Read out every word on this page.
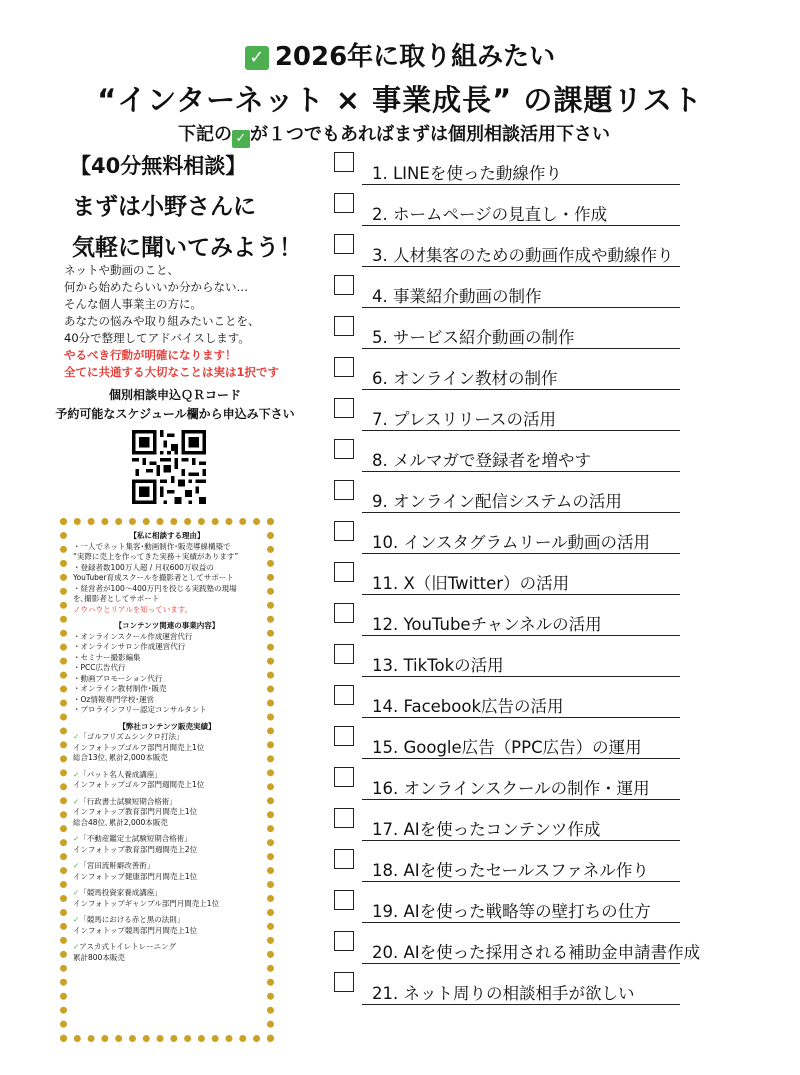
✓ 2026年に取り組みたい
“インターネット × 事業成長” の課題リスト
下記の ✓ が１つでもあればまずは個別相談活用下さい
【40分無料相談】
まずは小野さんに
気軽に聞いてみよう！
ネットや動画のこと、
何から始めたらいいか分からない…
そんな個人事業主の方に。
あなたの悩みや取り組みたいことを、
40分で整理してアドバイスします。
やるべき行動が明確になります！
全てに共通する大切なことは実は1択です
個別相談申込ＱＲコード
予約可能なスケジュール欄から申込み下さい
【私に相談する理由】

・一人でネット集客･動画制作･販売導線構築で

“実際に売上を作ってきた実務＋実績があります”

・登録者数100万人超 / 月収600万収益の

YouTuber育成スクールを撮影者としてサポート

・経営者が100〜400万円を投じる実践塾の現場

を､撮影者としてサポート

ノウハウとリアルを知っています。

【コンテンツ関連の事業内容】

・オンラインスクール作成運営代行

・オンラインサロン作成運営代行

・セミナー撮影編集

・PCC広告代行

・動画プロモーション代行

・オンライン教材制作･販売

・Oz情報専門学校･運営

・プロラインフリー認定コンサルタント

【弊社コンテンツ販売実績】

✓「ゴルフリズムシンクロ打法」

インフォトップゴルフ部門月間売上1位

総合13位､累計2,000本販売

✓「パット名人養成講座」

インフォトップゴルフ部門週間売上1位

✓「行政書士試験短期合格術」

インフォトップ教育部門月間売上1位

総合48位､累計2,000本販売

✓「不動産鑑定士試験短期合格術」

インフォトップ教育部門週間売上2位

✓「宮田流鼾癖改善術」

インフォトップ健康部門月間売上1位

✓「競馬投資家養成講座」

インフォトップギャンブル部門月間売上1位

✓「競馬における赤と黒の法則」

インフォトップ競馬部門月間売上1位

✓アスカ式トイレトレーニング

累計800本販売

1. LINEを使った動線作り
2. ホームページの見直し・作成
3. 人材集客のための動画作成や動線作り
4. 事業紹介動画の制作
5. サービス紹介動画の制作
6. オンライン教材の制作
7. プレスリリースの活用
8. メルマガで登録者を増やす
9. オンライン配信システムの活用
10. インスタグラムリール動画の活用
11. X（旧Twitter）の活用
12. YouTubeチャンネルの活用
13. TikTokの活用
14. Facebook広告の活用
15. Google広告（PPC広告）の運用
16. オンラインスクールの制作・運用
17. AIを使ったコンテンツ作成
18. AIを使ったセールスファネル作り
19. AIを使った戦略等の壁打ちの仕方
20. AIを使った採用される補助金申請書作成
21. ネット周りの相談相手が欲しい
